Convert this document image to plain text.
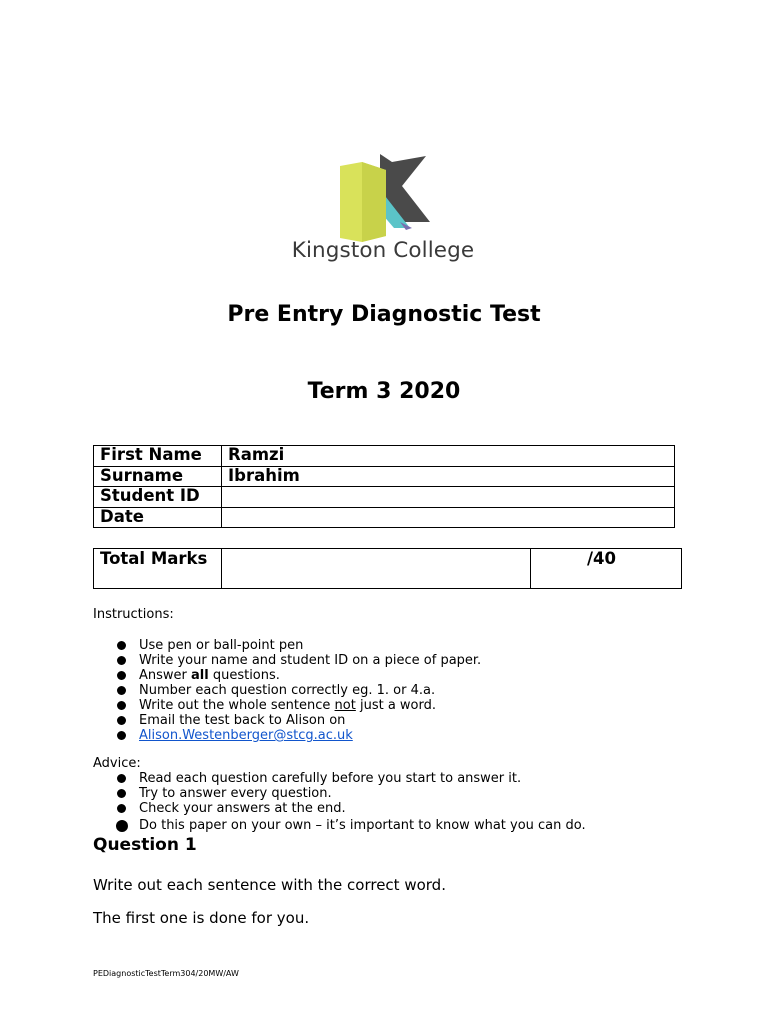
Kingston College
Pre Entry Diagnostic Test
Term 3 2020
First Name	Ramzi
Surname	Ibrahim
Student ID	
Date	
Total Marks		/40
Instructions:
Use pen or ball-point pen
Write your name and student ID on a piece of paper.
Answer all questions.
Number each question correctly eg. 1. or 4.a.
Write out the whole sentence not just a word.
Email the test back to Alison on
Alison.Westenberger@stcg.ac.uk
Advice:
Read each question carefully before you start to answer it.
Try to answer every question.
Check your answers at the end.
Do this paper on your own – it’s important to know what you can do.
Question 1
Write out each sentence with the correct word.
The first one is done for you.
PEDiagnosticTestTerm304/20MW/AW
